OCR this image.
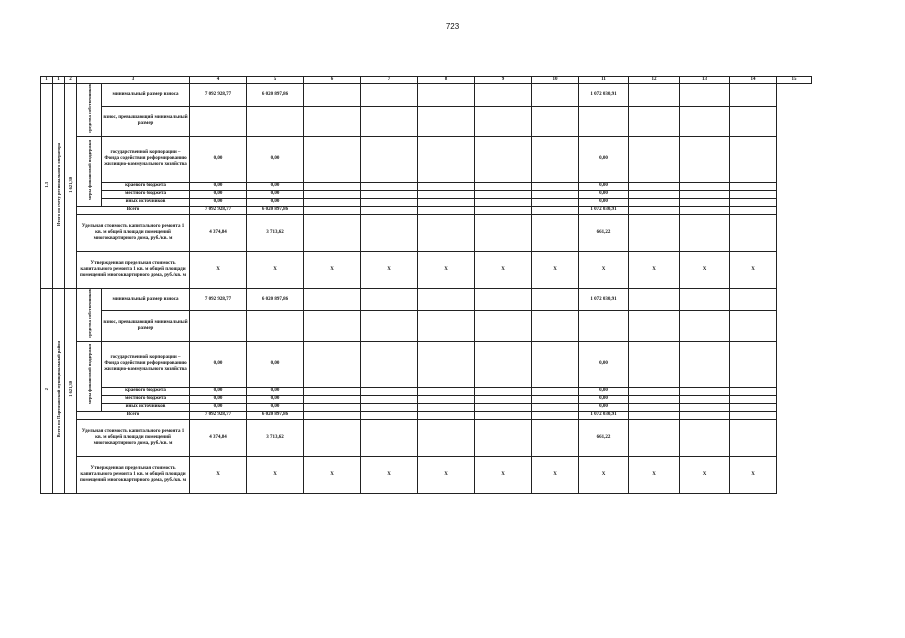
723
1	1	2	3		4	5	6	7	8	9	10	11	12	13	14	15
1.3	Итого по счету регионального оператора	1 621,30	средства собственников	минимальный размер взноса	7 092 928,77	6 020 897,86						1 072 030,91				
				взнос, превышающий минимальный размер												
			меры финансовой поддержки	государственной корпорации – Фонда содействия реформированию жилищно-коммунального хозяйства	0,00	0,00						0,00				
				краевого бюджета	0,00	0,00						0,00				
				местного бюджета	0,00	0,00						0,00				
				иных источников	0,00	0,00						0,00				
			Всего		7 092 928,77	6 020 897,86						1 072 030,91				
			Удельная стоимость капитального ремонта 1 кв. м общей площади помещений многоквартирного дома, руб./кв. м		4 374,84	3 713,62						661,22				
			Утвержденная предельная стоимость капитального ремонта 1 кв. м общей площади помещений многоквартирного дома, руб./кв. м		X	X	X	X	X	X	X	X	X	X	X	
2	Всего по Партизанский муниципальный район	1 621,30	средства собственников	минимальный размер взноса	7 092 928,77	6 020 897,86						1 072 030,91				
				взнос, превышающий минимальный размер												
			меры финансовой поддержки	государственной корпорации – Фонда содействия реформированию жилищно-коммунального хозяйства	0,00	0,00						0,00				
				краевого бюджета	0,00	0,00						0,00				
				местного бюджета	0,00	0,00						0,00				
				иных источников	0,00	0,00						0,00				
			Всего		7 092 928,77	6 020 897,86						1 072 030,91				
			Удельная стоимость капитального ремонта 1 кв. м общей площади помещений многоквартирного дома, руб./кв. м		4 374,84	3 713,62						661,22				
			Утвержденная предельная стоимость капитального ремонта 1 кв. м общей площади помещений многоквартирного дома, руб./кв. м		X	X	X	X	X	X	X	X	X	X	X	
